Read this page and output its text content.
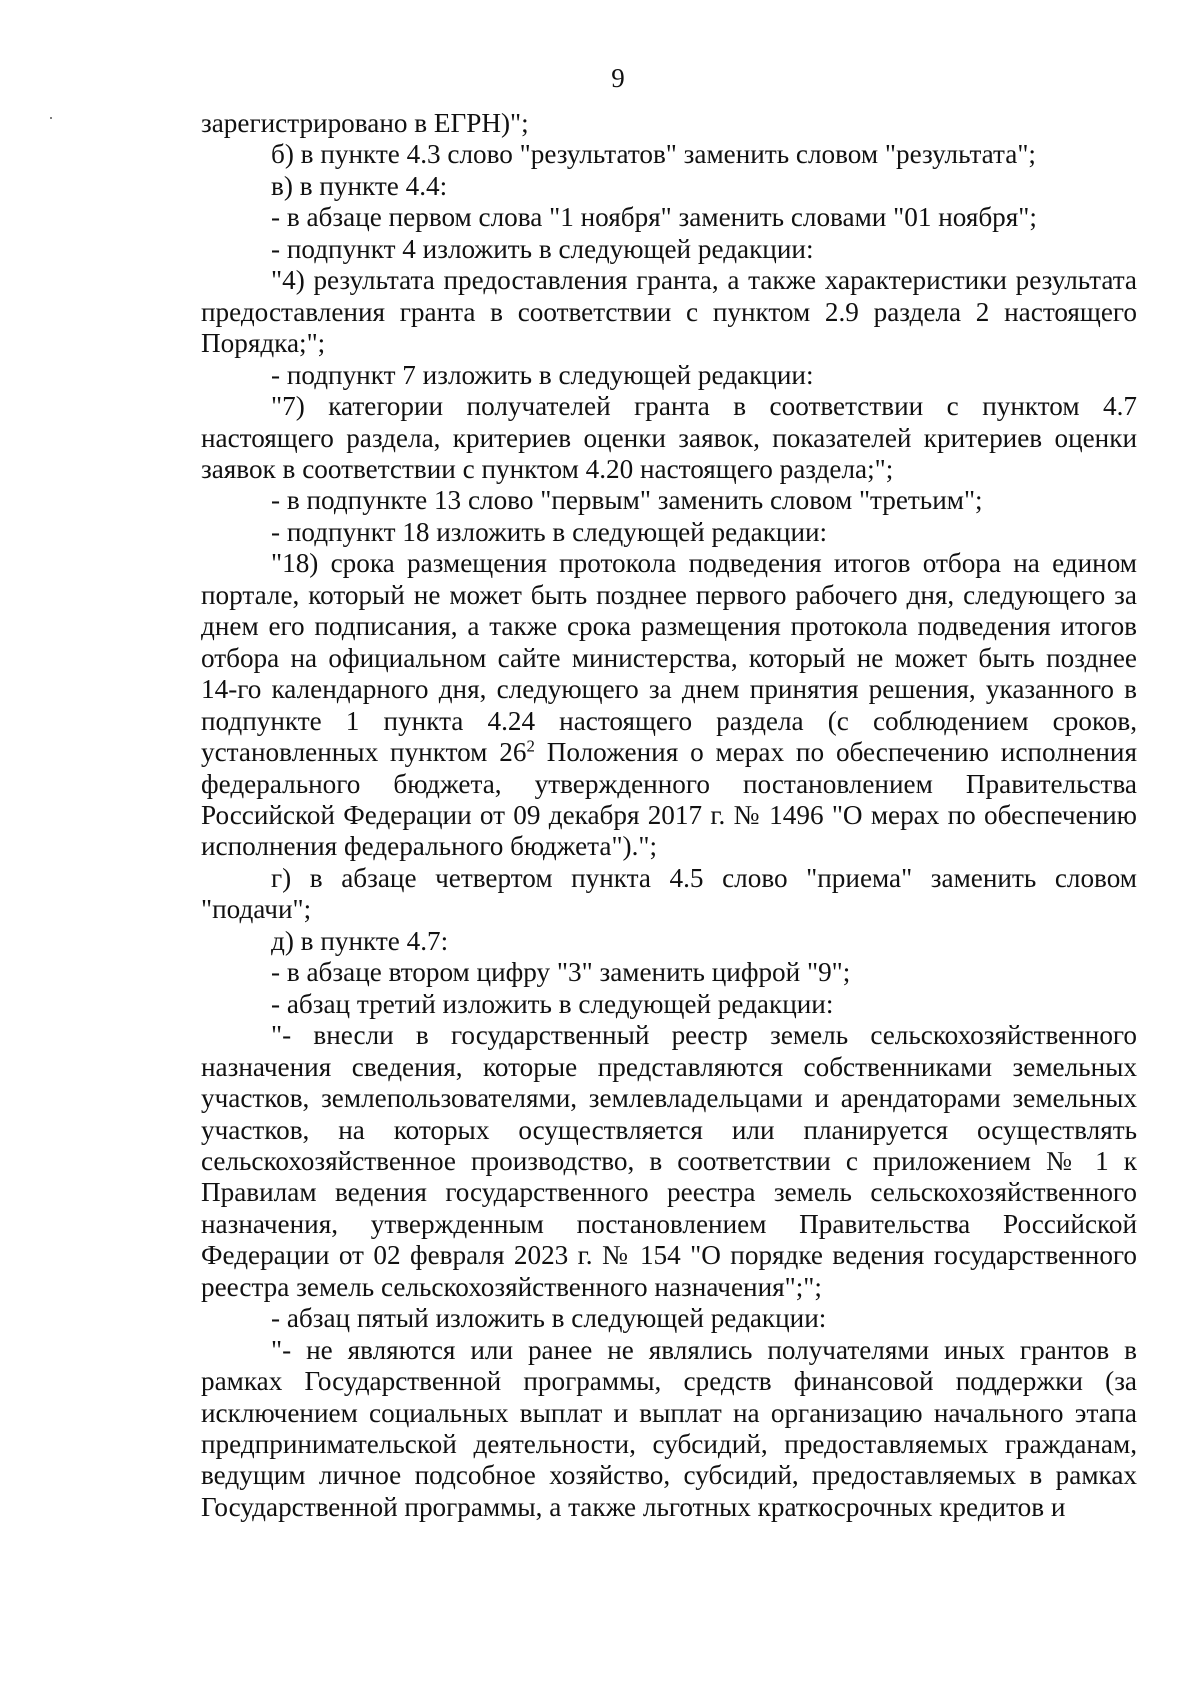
9

зарегистрировано в ЕГРН)";

б) в пункте 4.3 слово "результатов" заменить словом "результата";

в) в пункте 4.4:

- в абзаце первом слова "1 ноября" заменить словами "01 ноября";

- подпункт 4 изложить в следующей редакции:

"4) результата предоставления гранта, а также характеристики результата предоставления гранта в соответствии с пунктом 2.9 раздела 2 настоящего Порядка;";

- подпункт 7 изложить в следующей редакции:

"7) категории получателей гранта в соответствии с пунктом 4.7 настоящего раздела, критериев оценки заявок, показателей критериев оценки заявок в соответствии с пунктом 4.20 настоящего раздела;";

- в подпункте 13 слово "первым" заменить словом "третьим";

- подпункт 18 изложить в следующей редакции:

"18) срока размещения протокола подведения итогов отбора на едином портале, который не может быть позднее первого рабочего дня, следующего за днем его подписания, а также срока размещения протокола подведения итогов отбора на официальном сайте министерства, который не может быть позднее 14-го календарного дня, следующего за днем принятия решения, указанного в подпункте 1 пункта 4.24 настоящего раздела (с соблюдением сроков, установленных пунктом $26^2$ Положения о мерах по обеспечению исполнения федерального бюджета, утвержденного постановлением Правительства Российской Федерации от 09 декабря 2017 г. № 1496 "О мерах по обеспечению исполнения федерального бюджета").";

г) в абзаце четвертом пункта 4.5 слово "приема" заменить словом "подачи";

д) в пункте 4.7:

- в абзаце втором цифру "3" заменить цифрой "9";

- абзац третий изложить в следующей редакции:

"- внесли в государственный реестр земель сельскохозяйственного назначения сведения, которые представляются собственниками земельных участков, землепользователями, землевладельцами и арендаторами земельных участков, на которых осуществляется или планируется осуществлять сельскохозяйственное производство, в соответствии с приложением № 1 к Правилам ведения государственного реестра земель сельскохозяйственного назначения, утвержденным постановлением Правительства Российской Федерации от 02 февраля 2023 г. № 154 "О порядке ведения государственного реестра земель сельскохозяйственного назначения";";

- абзац пятый изложить в следующей редакции:

"- не являются или ранее не являлись получателями иных грантов в рамках Государственной программы, средств финансовой поддержки (за исключением социальных выплат и выплат на организацию начального этапа предпринимательской деятельности, субсидий, предоставляемых гражданам, ведущим личное подсобное хозяйство, субсидий, предоставляемых в рамках Государственной программы, а также льготных краткосрочных кредитов и
